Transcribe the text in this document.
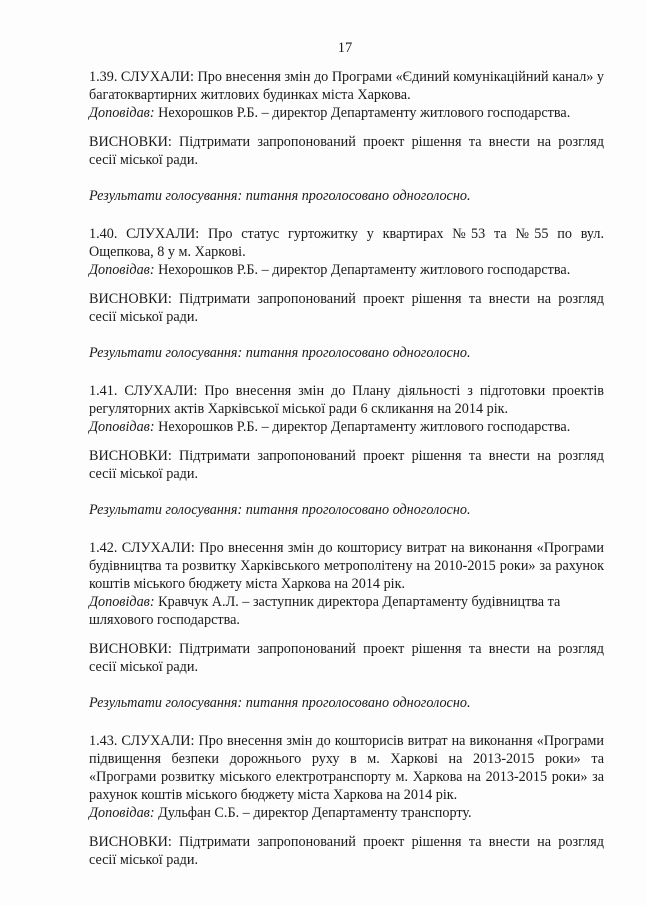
17

1.39. СЛУХАЛИ: Про внесення змін до Програми «Єдиний комунікаційний канал» у багатоквартирних житлових будинках міста Харкова.

Доповідав: Нехорошков Р.Б. – директор Департаменту житлового господарства.

ВИСНОВКИ: Підтримати запропонований проект рішення та внести на розгляд сесії міської ради.

Результати голосування: питання проголосовано одноголосно.

1.40. СЛУХАЛИ: Про статус гуртожитку у квартирах №53 та №55 по вул. Ощепкова, 8 у м. Харкові.

Доповідав: Нехорошков Р.Б. – директор Департаменту житлового господарства.

ВИСНОВКИ: Підтримати запропонований проект рішення та внести на розгляд сесії міської ради.

Результати голосування: питання проголосовано одноголосно.

1.41. СЛУХАЛИ: Про внесення змін до Плану діяльності з підготовки проектів регуляторних актів Харківської міської ради 6 скликання на 2014 рік.

Доповідав: Нехорошков Р.Б. – директор Департаменту житлового господарства.

ВИСНОВКИ: Підтримати запропонований проект рішення та внести на розгляд сесії міської ради.

Результати голосування: питання проголосовано одноголосно.

1.42. СЛУХАЛИ: Про внесення змін до кошторису витрат на виконання «Програми будівництва та розвитку Харківського метрополітену на 2010-2015 роки» за рахунок коштів міського бюджету міста Харкова на 2014 рік.

Доповідав: Кравчук А.Л. – заступник директора Департаменту будівництва та шляхового господарства.

ВИСНОВКИ: Підтримати запропонований проект рішення та внести на розгляд сесії міської ради.

Результати голосування: питання проголосовано одноголосно.

1.43. СЛУХАЛИ: Про внесення змін до кошторисів витрат на виконання «Програми підвищення безпеки дорожнього руху в м. Харкові на 2013-2015 роки» та «Програми розвитку міського електротранспорту м. Харкова на 2013-2015 роки» за рахунок коштів міського бюджету міста Харкова на 2014 рік.

Доповідав: Дульфан С.Б. – директор Департаменту транспорту.

ВИСНОВКИ: Підтримати запропонований проект рішення та внести на розгляд сесії міської ради.
